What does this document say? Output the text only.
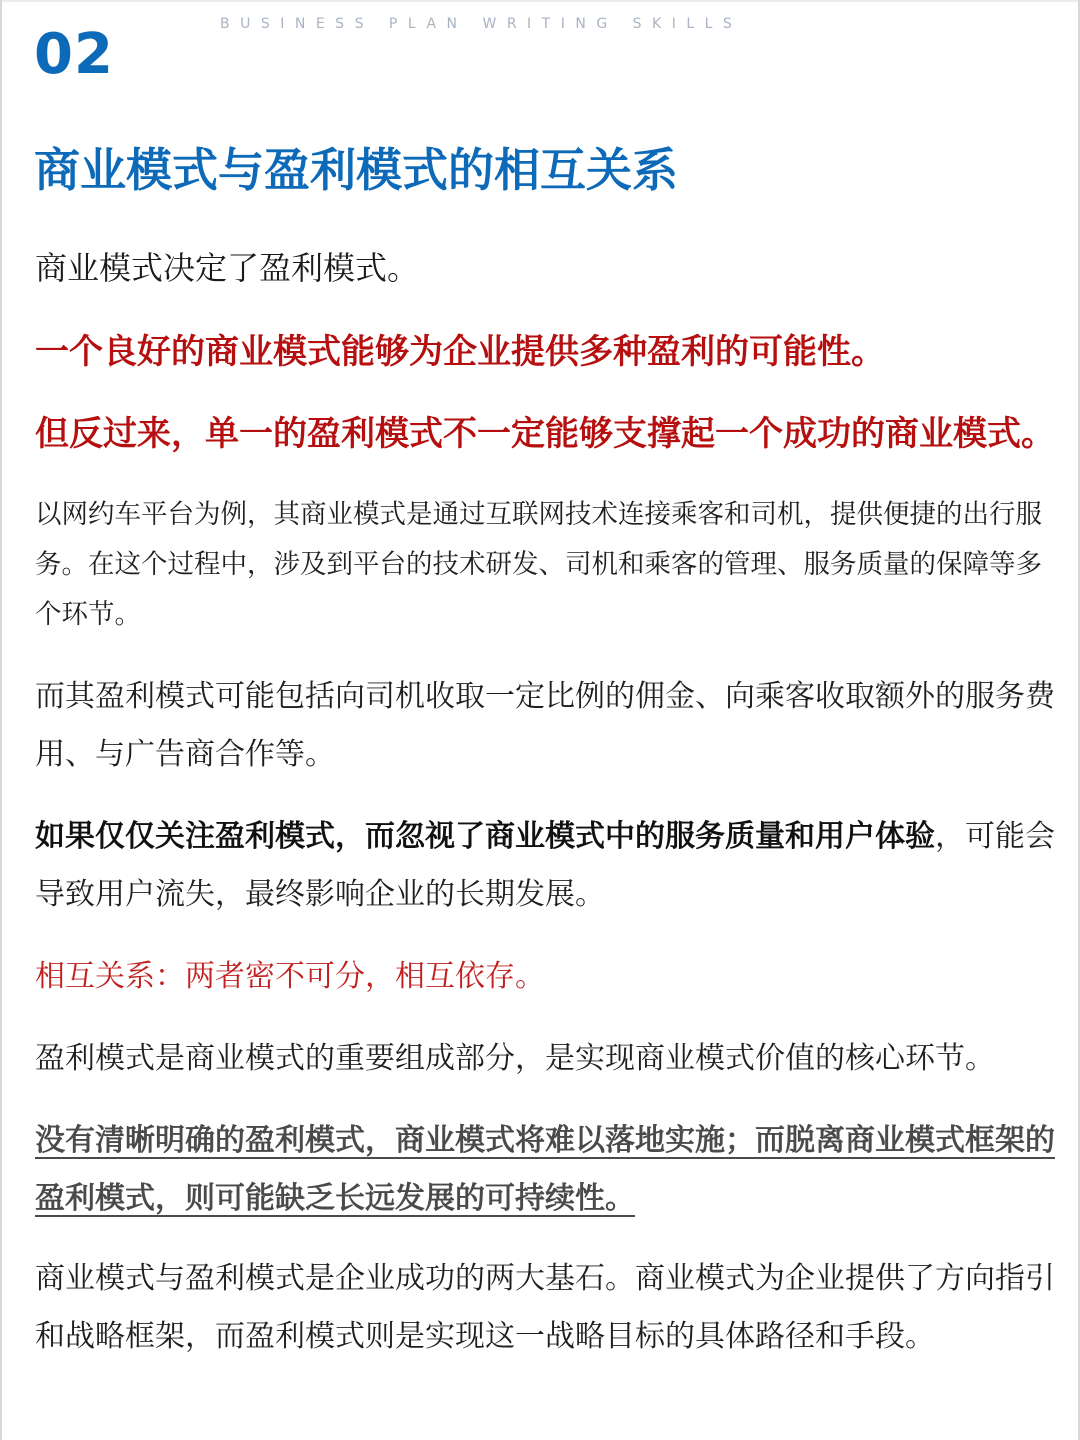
BUSINESS PLAN WRITING SKILLS
02
商业模式与盈利模式的相互关系

商业模式决定了盈利模式。

一个良好的商业模式能够为企业提供多种盈利的可能性。

但反过来，单一的盈利模式不一定能够支撑起一个成功的商业模式。

以网约车平台为例，其商业模式是通过互联网技术连接乘客和司机，提供便捷的出行服务。在这个过程中，涉及到平台的技术研发、司机和乘客的管理、服务质量的保障等多个环节。

而其盈利模式可能包括向司机收取一定比例的佣金、向乘客收取额外的服务费用、与广告商合作等。

如果仅仅关注盈利模式，而忽视了商业模式中的服务质量和用户体验，可能会导致用户流失，最终影响企业的长期发展。

相互关系：两者密不可分，相互依存。

盈利模式是商业模式的重要组成部分，是实现商业模式价值的核心环节。

没有清晰明确的盈利模式，商业模式将难以落地实施；而脱离商业模式框架的盈利模式，则可能缺乏长远发展的可持续性。

商业模式与盈利模式是企业成功的两大基石。商业模式为企业提供了方向指引和战略框架，而盈利模式则是实现这一战略目标的具体路径和手段。
